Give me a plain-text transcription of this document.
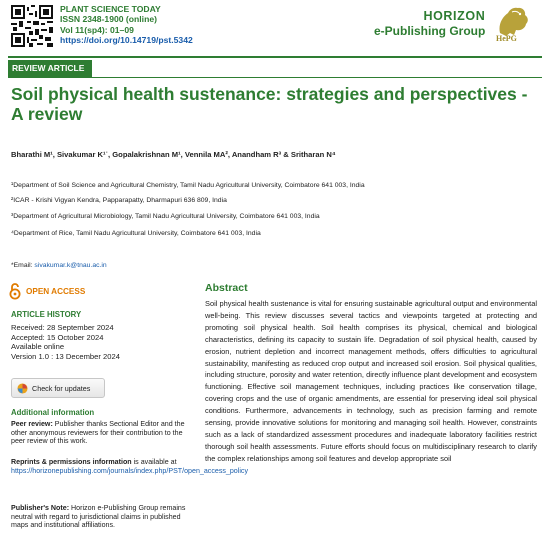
PLANT SCIENCE TODAY
ISSN 2348-1900 (online)
Vol 11(sp4): 01–09
https://doi.org/10.14719/pst.5342
HORIZON
e-Publishing Group
HePG
REVIEW ARTICLE
Soil physical health sustenance: strategies and perspectives - A review
Bharathi M¹, Sivakumar K¹˙, Gopalakrishnan M¹, Vennila MA², Anandham R³ & Sritharan N⁴
¹Department of Soil Science and Agricultural Chemistry, Tamil Nadu Agricultural University, Coimbatore 641 003, India
²ICAR - Krishi Vigyan Kendra, Papparapatty, Dharmapuri 636 809, India
³Department of Agricultural Microbiology, Tamil Nadu Agricultural University, Coimbatore 641 003, India
⁴Department of Rice, Tamil Nadu Agricultural University, Coimbatore 641 003, India
*Email: sivakumar.k@tnau.ac.in
OPEN ACCESS
ARTICLE HISTORY
Received: 28 September 2024
Accepted: 15 October 2024
Available online
Version 1.0 : 13 December 2024
Check for updates
Additional information
Peer review: Publisher thanks Sectional Editor and the other anonymous reviewers for their contribution to the peer review of this work.
Reprints & permissions information is available at https://horizonepublishing.com/journals/index.php/PST/open_access_policy
Publisher's Note: Horizon e-Publishing Group remains neutral with regard to jurisdictional claims in published maps and institutional affiliations.
Abstract

Soil physical health sustenance is vital for ensuring sustainable agricultural output and environmental well-being. This review discusses several tactics and viewpoints targeted at protecting and promoting soil physical health. Soil health comprises its physical, chemical and biological characteristics, defining its capacity to sustain life. Degradation of soil physical health, caused by erosion, nutrient depletion and incorrect management methods, offers difficulties to agricultural sustainability, manifesting as reduced crop output and increased soil erosion. Soil physical qualities, including structure, porosity and water retention, directly influence plant development and ecosystem functioning. Effective soil management techniques, including practices like conservation tillage, covering crops and the use of organic amendments, are essential for preserving ideal soil physical conditions. Furthermore, advancements in technology, such as precision farming and remote sensing, provide innovative solutions for monitoring and managing soil health. However, constraints such as a lack of standardized assessment procedures and inadequate laboratory facilities restrict thorough soil health assessments. Future efforts should focus on multidisciplinary research to clarify the complex relationships among soil features and develop appropriate soil
